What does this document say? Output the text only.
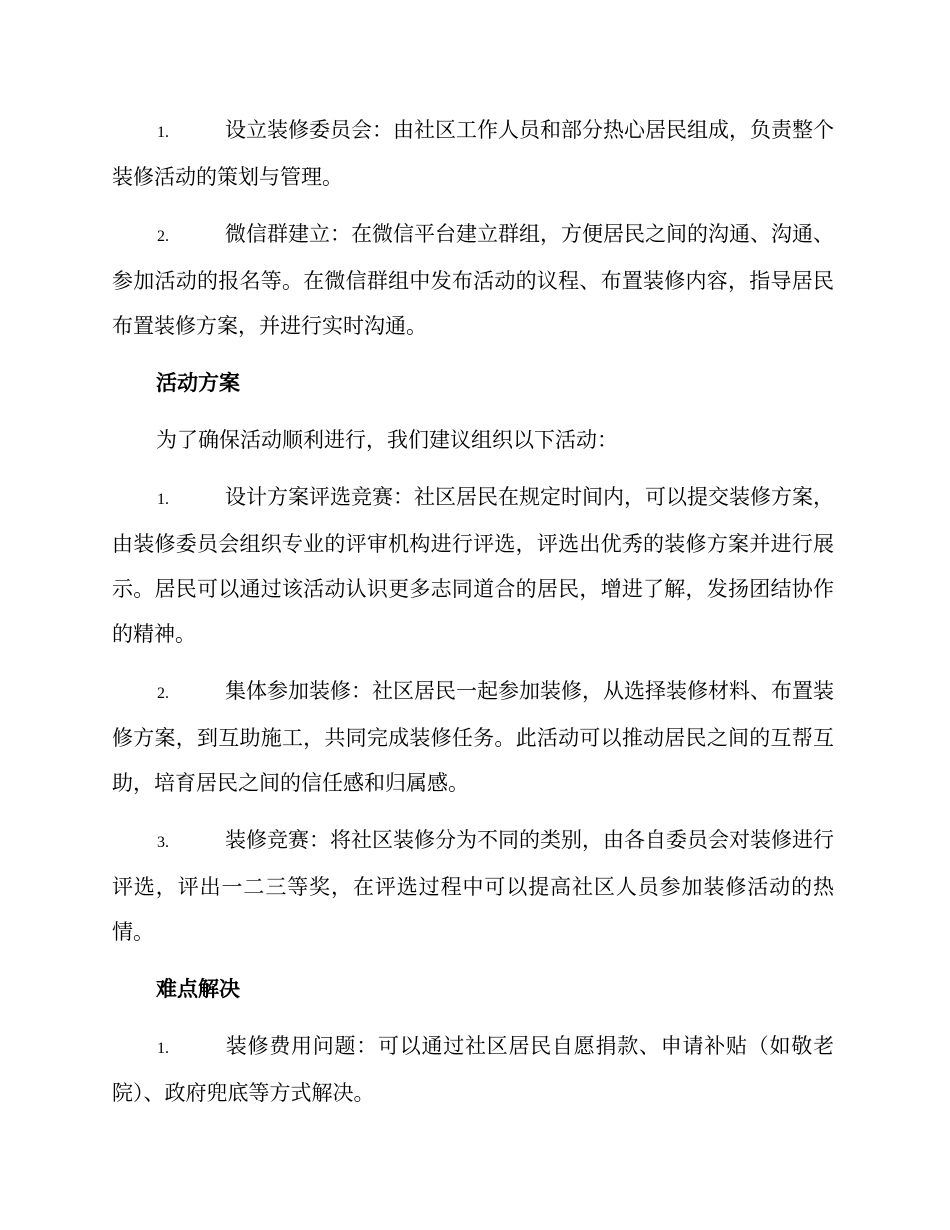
1.	设立装修委员会：由社区工作人员和部分热心居民组成，负责整个装修活动的策划与管理。
2.	微信群建立：在微信平台建立群组，方便居民之间的沟通、沟通、参加活动的报名等。在微信群组中发布活动的议程、布置装修内容，指导居民布置装修方案，并进行实时沟通。
活动方案
为了确保活动顺利进行，我们建议组织以下活动：
1.	设计方案评选竞赛：社区居民在规定时间内，可以提交装修方案，由装修委员会组织专业的评审机构进行评选，评选出优秀的装修方案并进行展示。居民可以通过该活动认识更多志同道合的居民，增进了解，发扬团结协作的精神。
2.	集体参加装修：社区居民一起参加装修，从选择装修材料、布置装修方案，到互助施工，共同完成装修任务。此活动可以推动居民之间的互帮互助，培育居民之间的信任感和归属感。
3.	装修竞赛：将社区装修分为不同的类别，由各自委员会对装修进行评选，评出一二三等奖，在评选过程中可以提高社区人员参加装修活动的热情。
难点解决
1.	装修费用问题：可以通过社区居民自愿捐款、申请补贴（如敬老院）、政府兜底等方式解决。
